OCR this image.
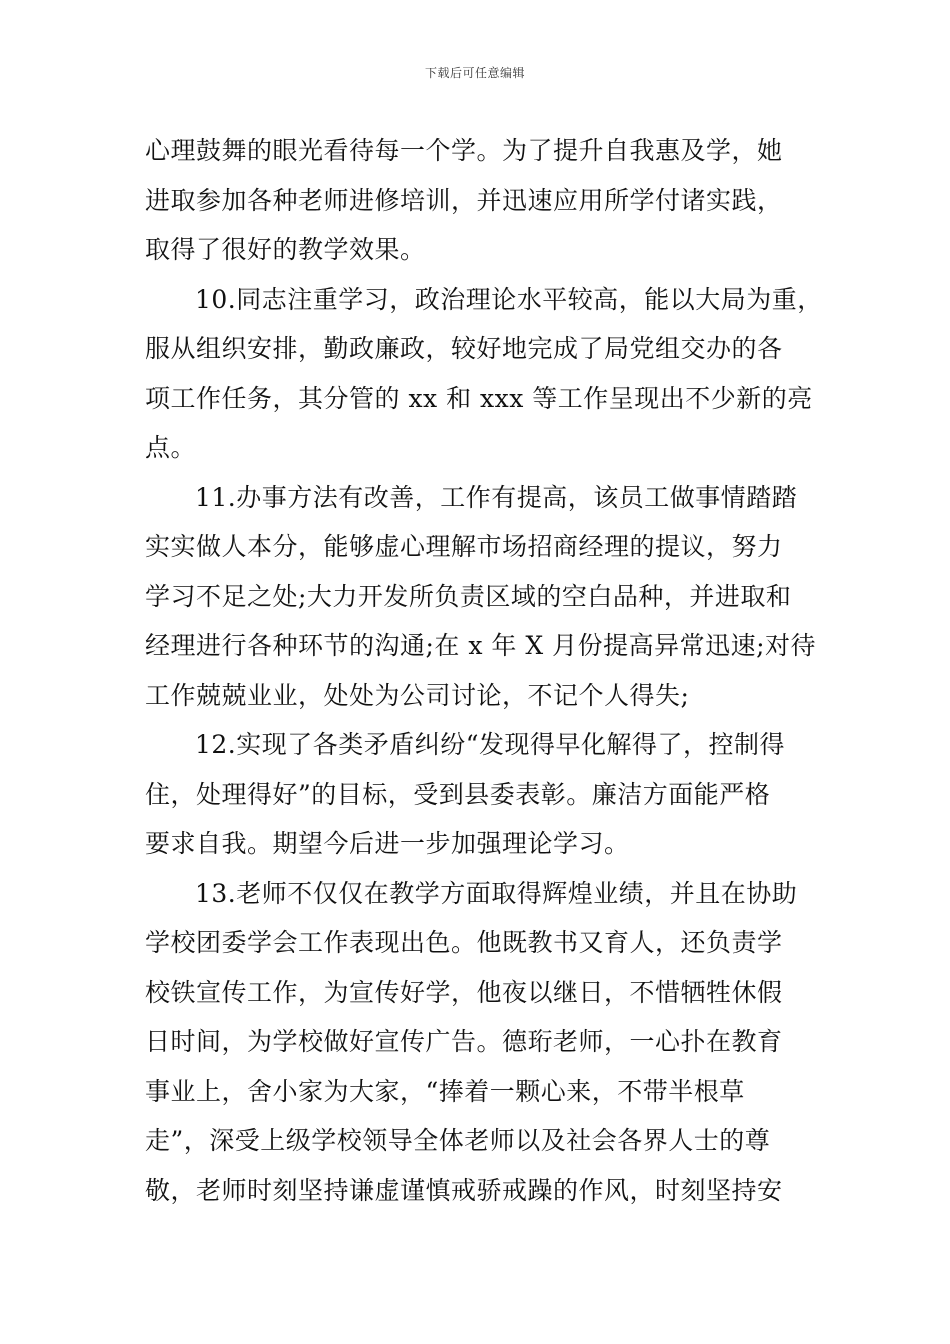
下载后可任意编辑
心理鼓舞的眼光看待每一个学。为了提升自我惠及学，她
进取参加各种老师进修培训，并迅速应用所学付诸实践，
取得了很好的教学效果。
10.同志注重学习，政治理论水平较高，能以大局为重，
服从组织安排，勤政廉政，较好地完成了局党组交办的各
项工作任务，其分管的 xx 和 xxx 等工作呈现出不少新的亮
点。
11.办事方法有改善，工作有提高，该员工做事情踏踏
实实做人本分，能够虚心理解市场招商经理的提议，努力
学习不足之处;大力开发所负责区域的空白品种，并进取和
经理进行各种环节的沟通;在 x 年 X 月份提高异常迅速;对待
工作兢兢业业，处处为公司讨论，不记个人得失;
12.实现了各类矛盾纠纷“发现得早化解得了，控制得
住，处理得好”的目标，受到县委表彰。廉洁方面能严格
要求自我。期望今后进一步加强理论学习。
13.老师不仅仅在教学方面取得辉煌业绩，并且在协助
学校团委学会工作表现出色。他既教书又育人，还负责学
校铁宣传工作，为宣传好学，他夜以继日，不惜牺牲休假
日时间，为学校做好宣传广告。德珩老师，一心扑在教育
事业上，舍小家为大家，“捧着一颗心来，不带半根草
走”，深受上级学校领导全体老师以及社会各界人士的尊
敬，老师时刻坚持谦虚谨慎戒骄戒躁的作风，时刻坚持安
